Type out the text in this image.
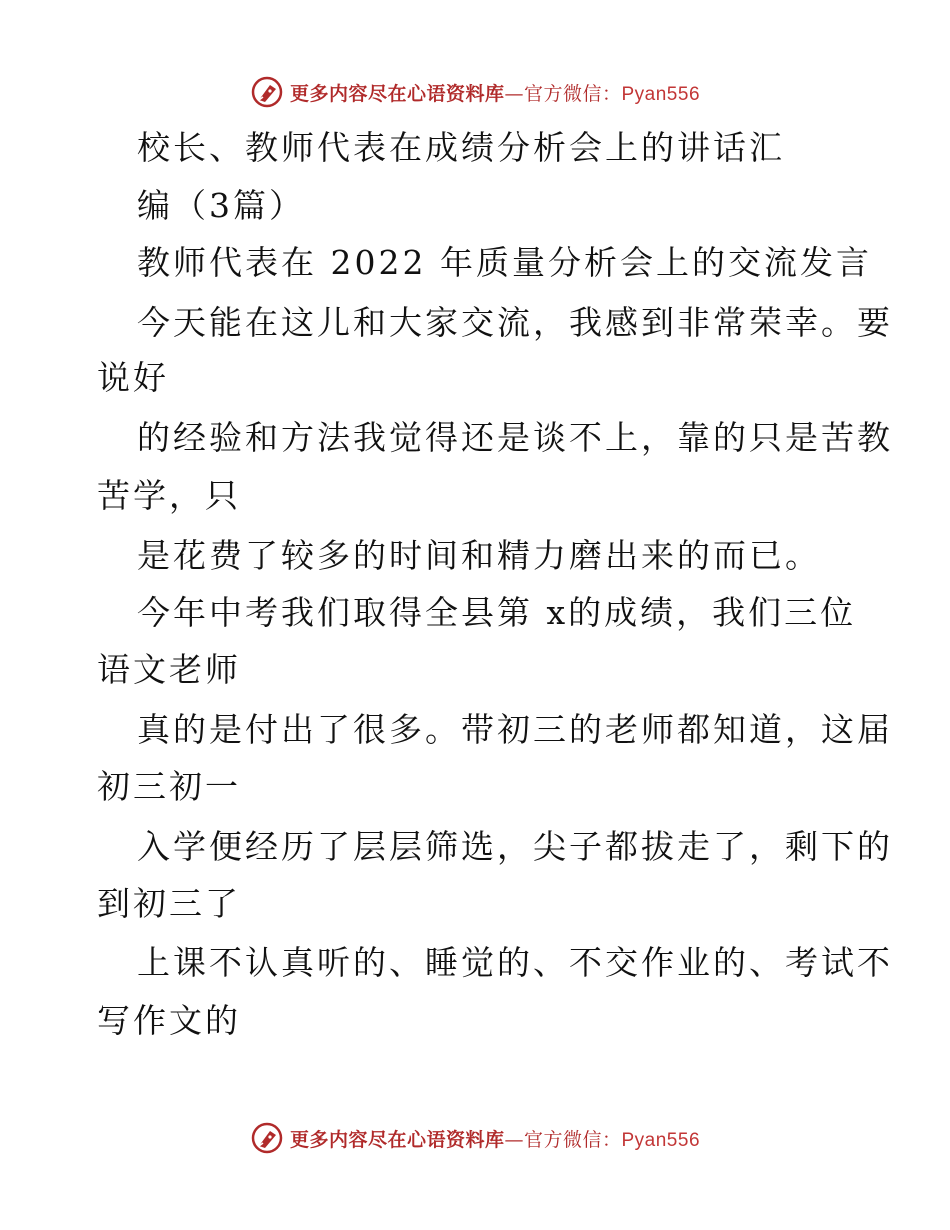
更多内容尽在心语资料库—官方微信：Pyan556
校长、教师代表在成绩分析会上的讲话汇
编（3篇）
教师代表在 2022 年质量分析会上的交流发言
今天能在这儿和大家交流，我感到非常荣幸。要
说好
的经验和方法我觉得还是谈不上，靠的只是苦教
苦学，只
是花费了较多的时间和精力磨出来的而已。
今年中考我们取得全县第 x的成绩，我们三位
语文老师
真的是付出了很多。带初三的老师都知道，这届
初三初一
入学便经历了层层筛选，尖子都拔走了，剩下的
到初三了
上课不认真听的、睡觉的、不交作业的、考试不
写作文的
更多内容尽在心语资料库—官方微信：Pyan556
